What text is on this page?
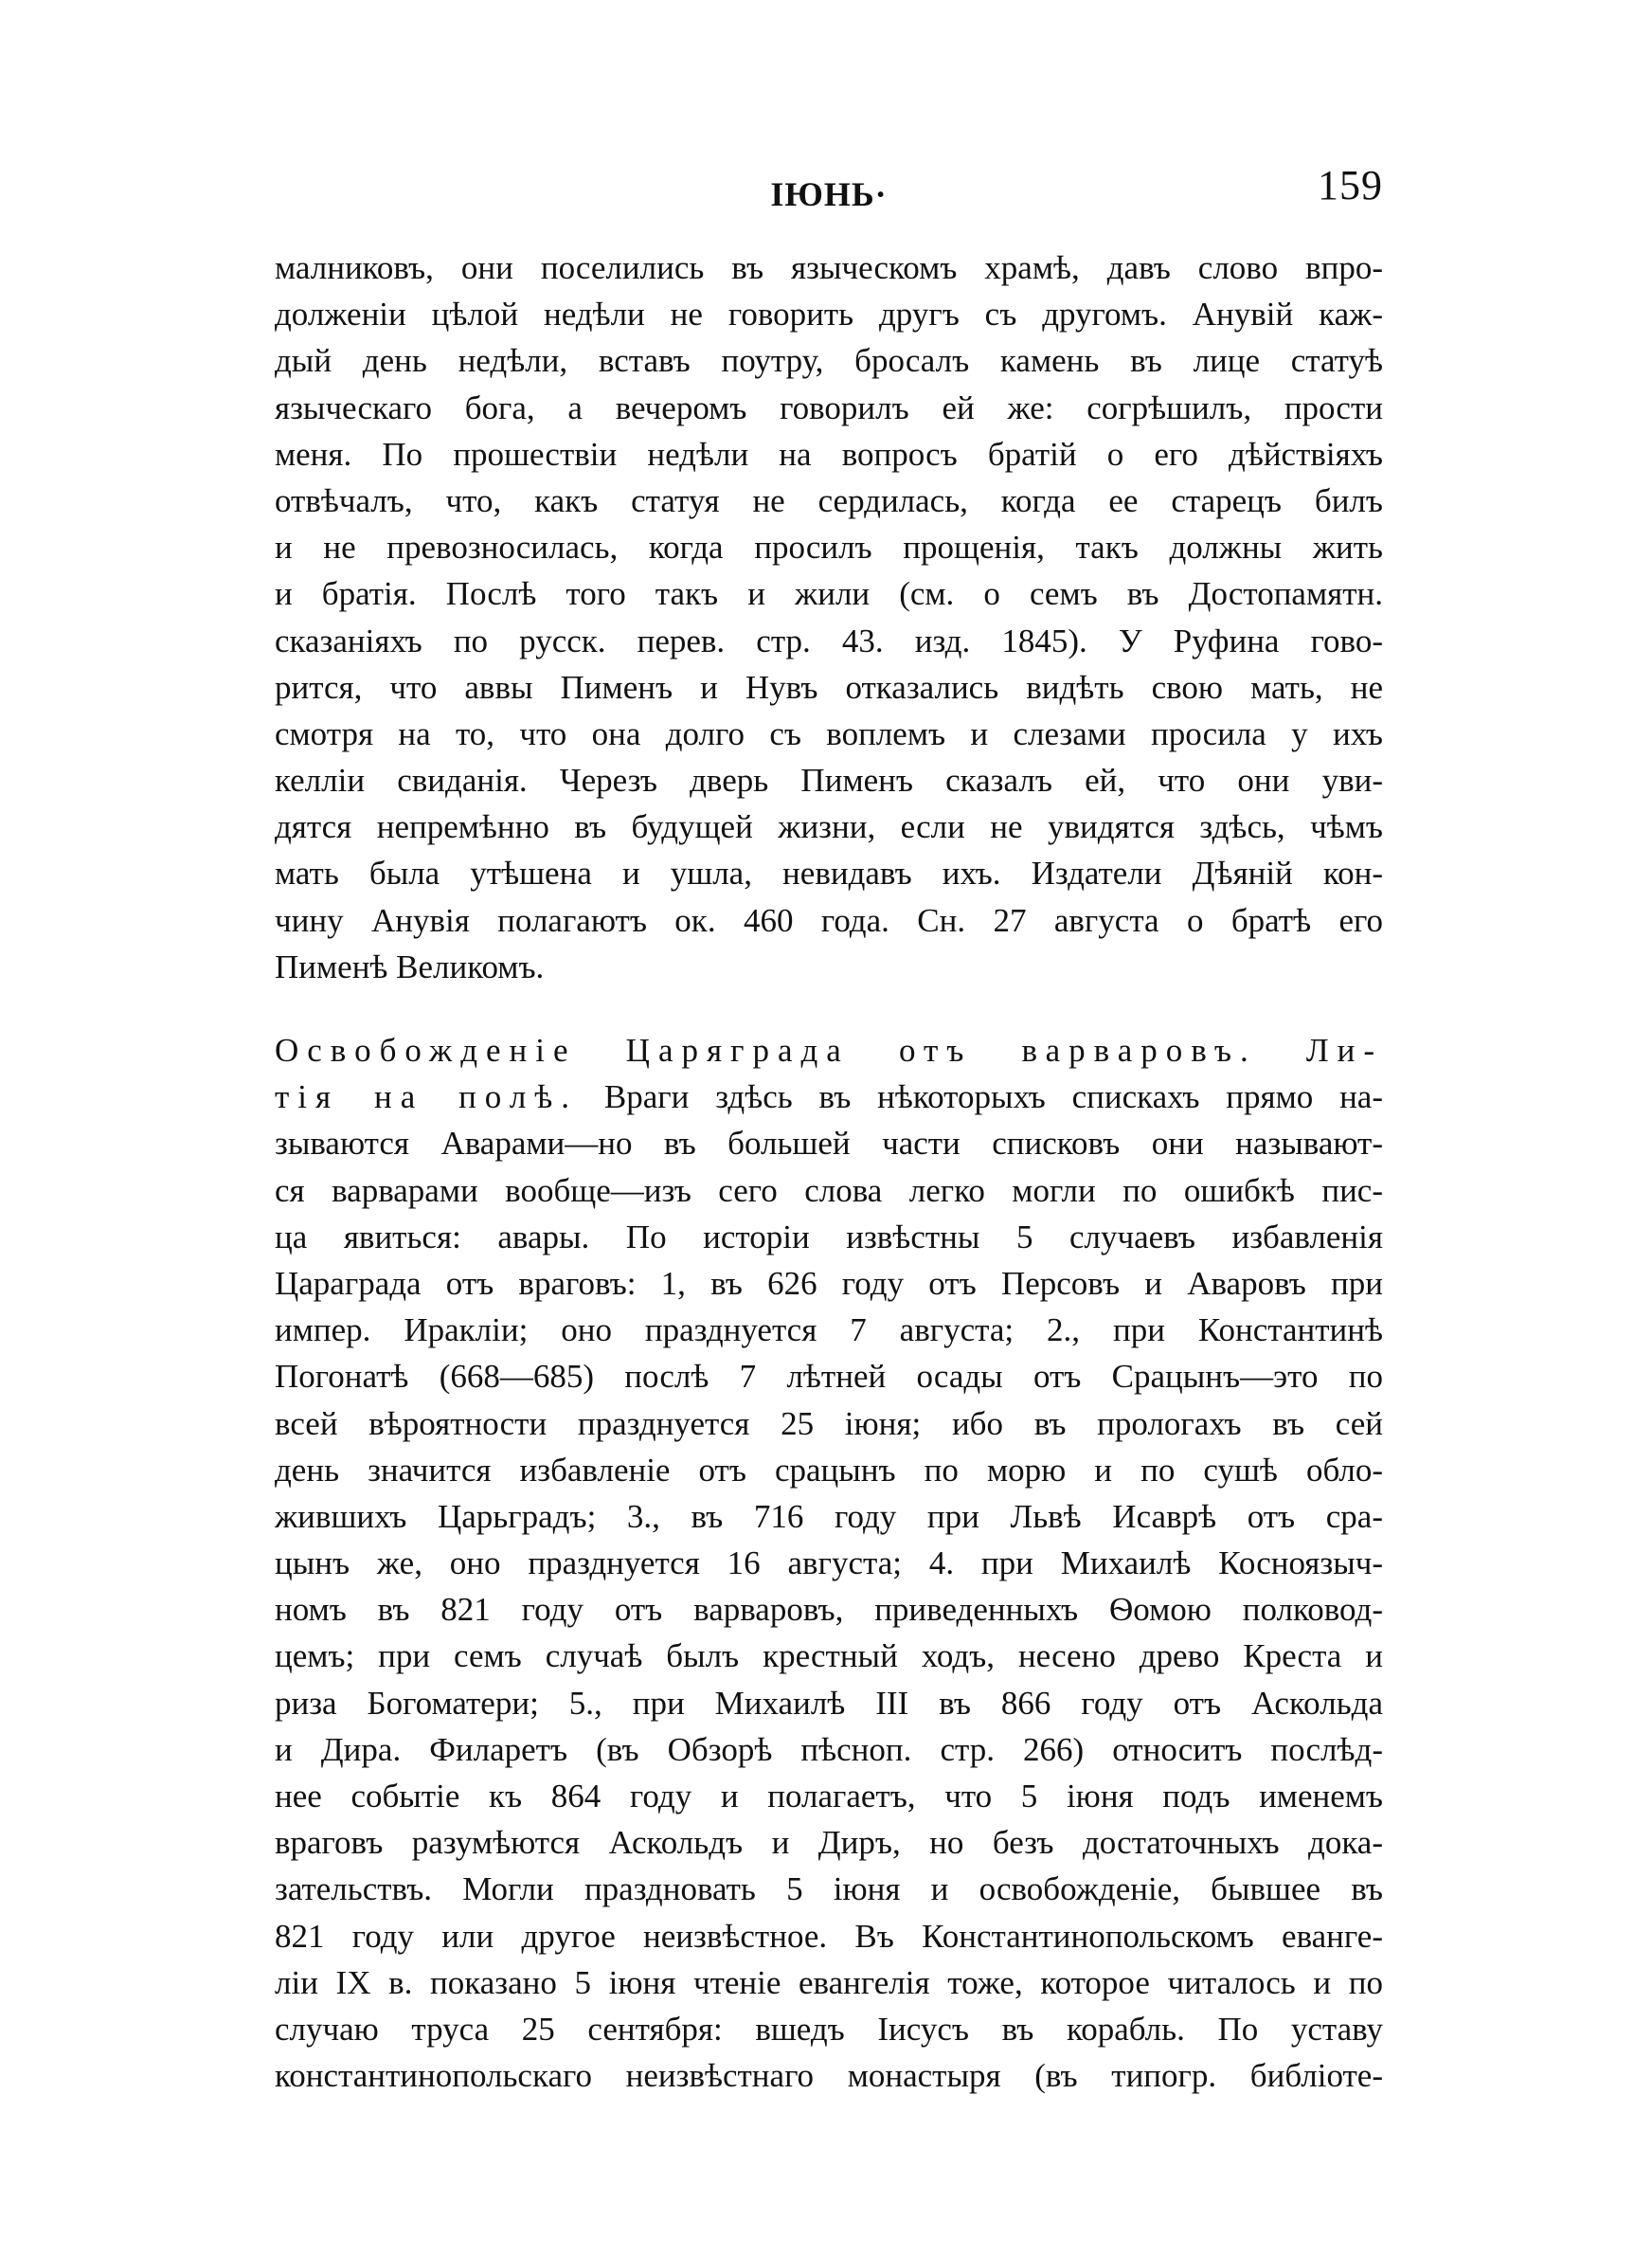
ІЮНЬ·	159
малниковъ, они поселились въ языческомъ храмѣ, давъ слово впро-
долженіи цѣлой недѣли не говорить другъ съ другомъ. Анувій каж-
дый день недѣли, вставъ поутру, бросалъ камень въ лице статуѣ
языческаго бога, а вечеромъ говорилъ ей же: согрѣшилъ, прости
меня. По прошествіи недѣли на вопросъ братій о его дѣйствіяхъ
отвѣчалъ, что, какъ статуя не сердилась, когда ее старецъ билъ
и не превозносилась, когда просилъ прощенія, такъ должны жить
и братія. Послѣ того такъ и жили (см. о семъ въ Достопамятн.
сказаніяхъ по русск. перев. стр. 43. изд. 1845). У Руфина гово-
рится, что аввы Пименъ и Нувъ отказались видѣть свою мать, не
смотря на то, что она долго съ воплемъ и слезами просила у ихъ
келліи свиданія. Черезъ дверь Пименъ сказалъ ей, что они уви-
дятся непремѣнно въ будущей жизни, если не увидятся здѣсь, чѣмъ
мать была утѣшена и ушла, невидавъ ихъ. Издатели Дѣяній кон-
чину Анувія полагаютъ ок. 460 года. Сн. 27 августа о братѣ его
Пименѣ Великомъ.
Освобожденіе Царяграда отъ варваровъ. Ли-
тія на полѣ. Враги здѣсь въ нѣкоторыхъ спискахъ прямо на-
зываются Аварами—но въ большей части списковъ они называют-
ся варварами вообще—изъ сего слова легко могли по ошибкѣ пис-
ца явиться: авары. По исторіи извѣстны 5 случаевъ избавленія
Цараграда отъ враговъ: 1, въ 626 году отъ Персовъ и Аваровъ при
импер. Иракліи; оно празднуется 7 августа; 2., при Константинѣ
Погонатѣ (668—685) послѣ 7 лѣтней осады отъ Срацынъ—это по
всей вѣроятности празднуется 25 іюня; ибо въ прологахъ въ сей
день значится избавленіе отъ срацынъ по морю и по сушѣ обло-
жившихъ Царьградъ; 3., въ 716 году при Львѣ Исаврѣ отъ сра-
цынъ же, оно празднуется 16 августа; 4. при Михаилѣ Косноязыч-
номъ въ 821 году отъ варваровъ, приведенныхъ Ѳомою полковод-
цемъ; при семъ случаѣ былъ крестный ходъ, несено древо Креста и
риза Богоматери; 5., при Михаилѣ III въ 866 году отъ Аскольда
и Дира. Филаретъ (въ Обзорѣ пѣсноп. стр. 266) относитъ послѣд-
нее событіе къ 864 году и полагаетъ, что 5 іюня подъ именемъ
враговъ разумѣются Аскольдъ и Диръ, но безъ достаточныхъ дока-
зательствъ. Могли праздновать 5 іюня и освобожденіе, бывшее въ
821 году или другое неизвѣстное. Въ Константинопольскомъ еванге-
ліи IX в. показано 5 іюня чтеніе евангелія тоже, которое читалось и по
случаю труса 25 сентября: вшедъ Іисусъ въ корабль. По уставу
константинопольскаго неизвѣстнаго монастыря (въ типогр. библіоте-
